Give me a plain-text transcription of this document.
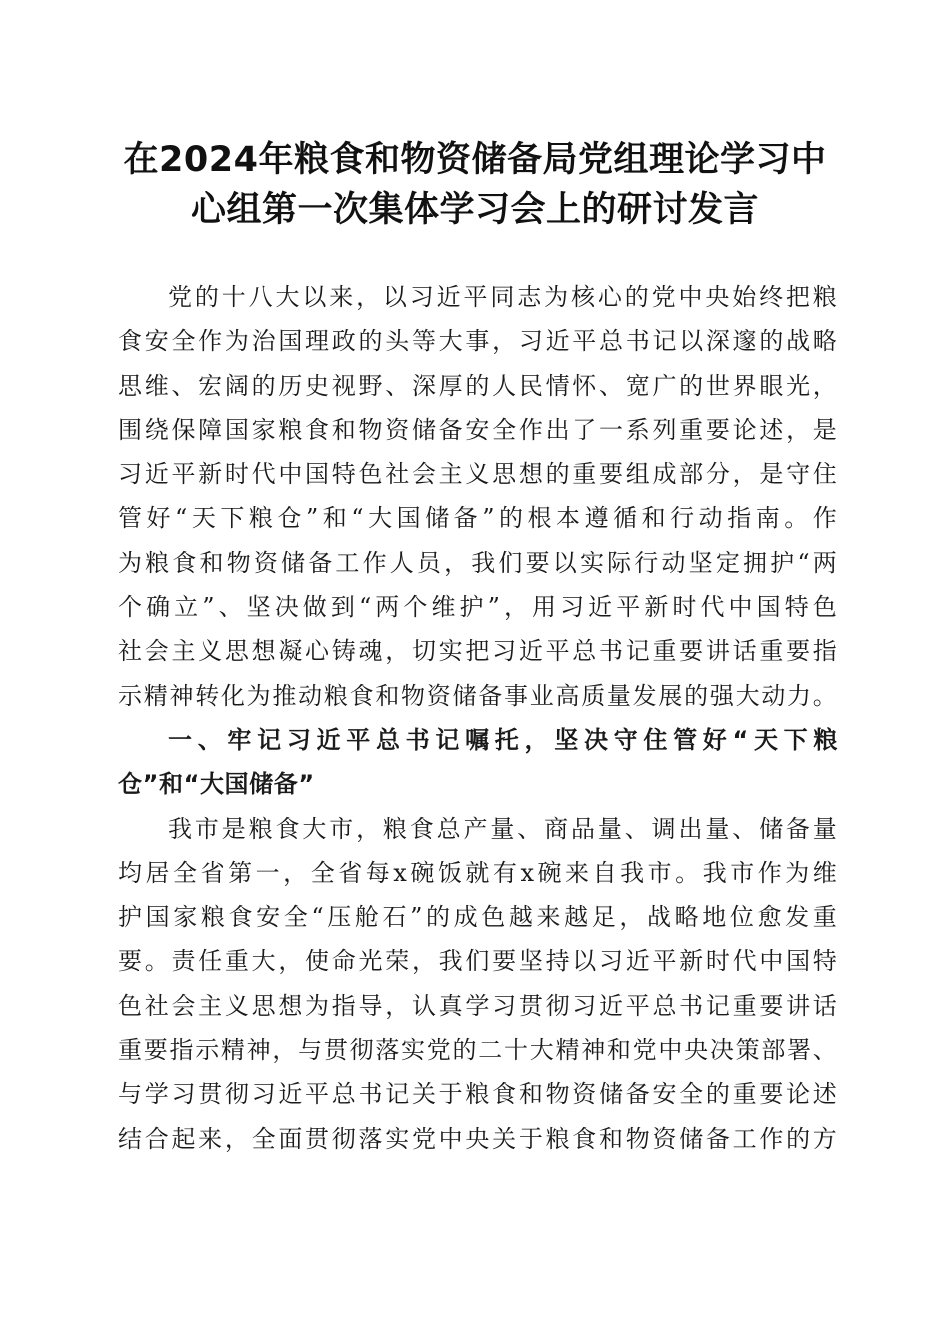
在2024年粮食和物资储备局党组理论学习中
心组第一次集体学习会上的研讨发言
党的十八大以来，以习近平同志为核心的党中央始终把粮
食安全作为治国理政的头等大事，习近平总书记以深邃的战略
思维、宏阔的历史视野、深厚的人民情怀、宽广的世界眼光，
围绕保障国家粮食和物资储备安全作出了一系列重要论述，是
习近平新时代中国特色社会主义思想的重要组成部分，是守住
管好“天下粮仓”和“大国储备”的根本遵循和行动指南。作
为粮食和物资储备工作人员，我们要以实际行动坚定拥护“两
个确立”、坚决做到“两个维护”，用习近平新时代中国特色
社会主义思想凝心铸魂，切实把习近平总书记重要讲话重要指
示精神转化为推动粮食和物资储备事业高质量发展的强大动力。
一、牢记习近平总书记嘱托，坚决守住管好“天下粮
仓”和“大国储备”
我市是粮食大市，粮食总产量、商品量、调出量、储备量
均居全省第一，全省每x碗饭就有x碗来自我市。我市作为维
护国家粮食安全“压舱石”的成色越来越足，战略地位愈发重
要。责任重大，使命光荣，我们要坚持以习近平新时代中国特
色社会主义思想为指导，认真学习贯彻习近平总书记重要讲话
重要指示精神，与贯彻落实党的二十大精神和党中央决策部署、
与学习贯彻习近平总书记关于粮食和物资储备安全的重要论述
结合起来，全面贯彻落实党中央关于粮食和物资储备工作的方
